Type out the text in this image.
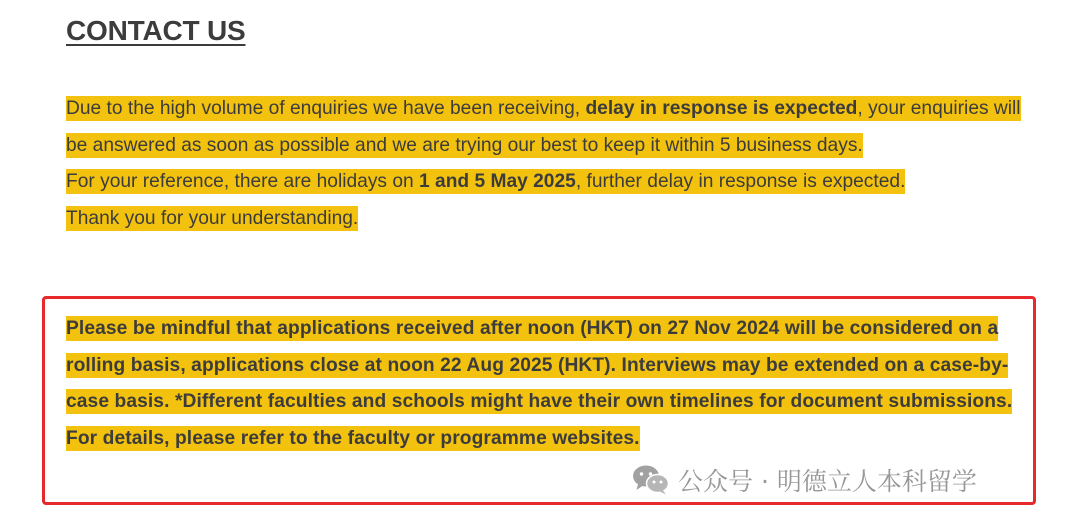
CONTACT US

Due to the high volume of enquiries we have been receiving, delay in response is expected, your enquiries will be answered as soon as possible and we are trying our best to keep it within 5 business days.
For your reference, there are holidays on 1 and 5 May 2025, further delay in response is expected.
Thank you for your understanding.

Please be mindful that applications received after noon (HKT) on 27 Nov 2024 will be considered on a rolling basis, applications close at noon 22 Aug 2025 (HKT). Interviews may be extended on a case-by-case basis. *Different faculties and schools might have their own timelines for document submissions. For details, please refer to the faculty or programme websites.

公众号 · 明德立人本科留学
